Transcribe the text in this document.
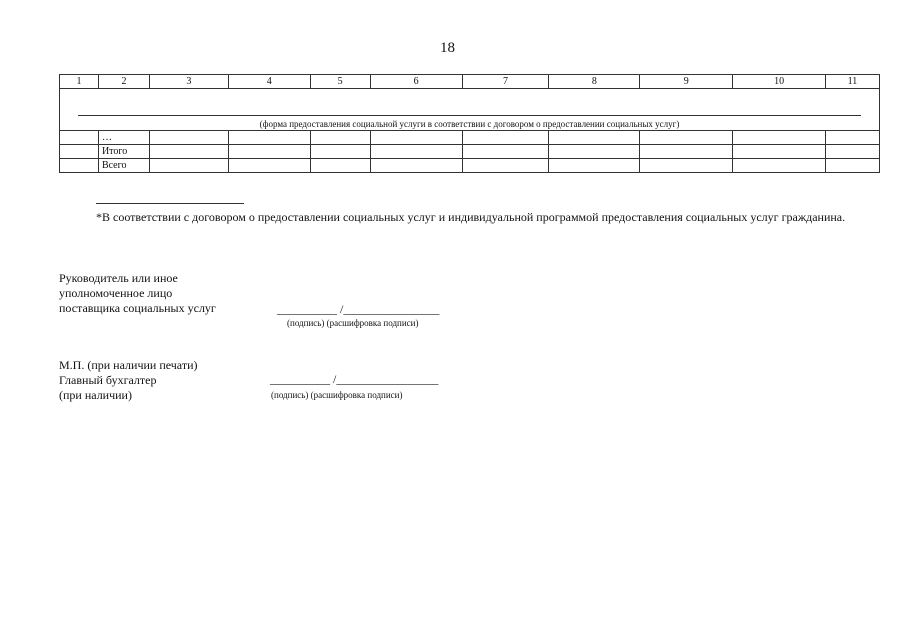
18
1	2	3	4	5	6	7	8	9	10	11

(форма предоставления социальной услуги в соответствии с договором о предоставлении социальных услуг)										

	…									
	Итого									
	Всего									
*В соответствии с договором о предоставлении социальных услуг и индивидуальной программой предоставления социальных услуг гражданина.
Руководитель или иное
уполномоченное лицо
поставщика социальных услуг	__________ /________________
(подпись) (расшифровка подписи)
М.П. (при наличии печати)
Главный бухгалтер
(при наличии)
__________ /_________________
(подпись) (расшифровка подписи)
